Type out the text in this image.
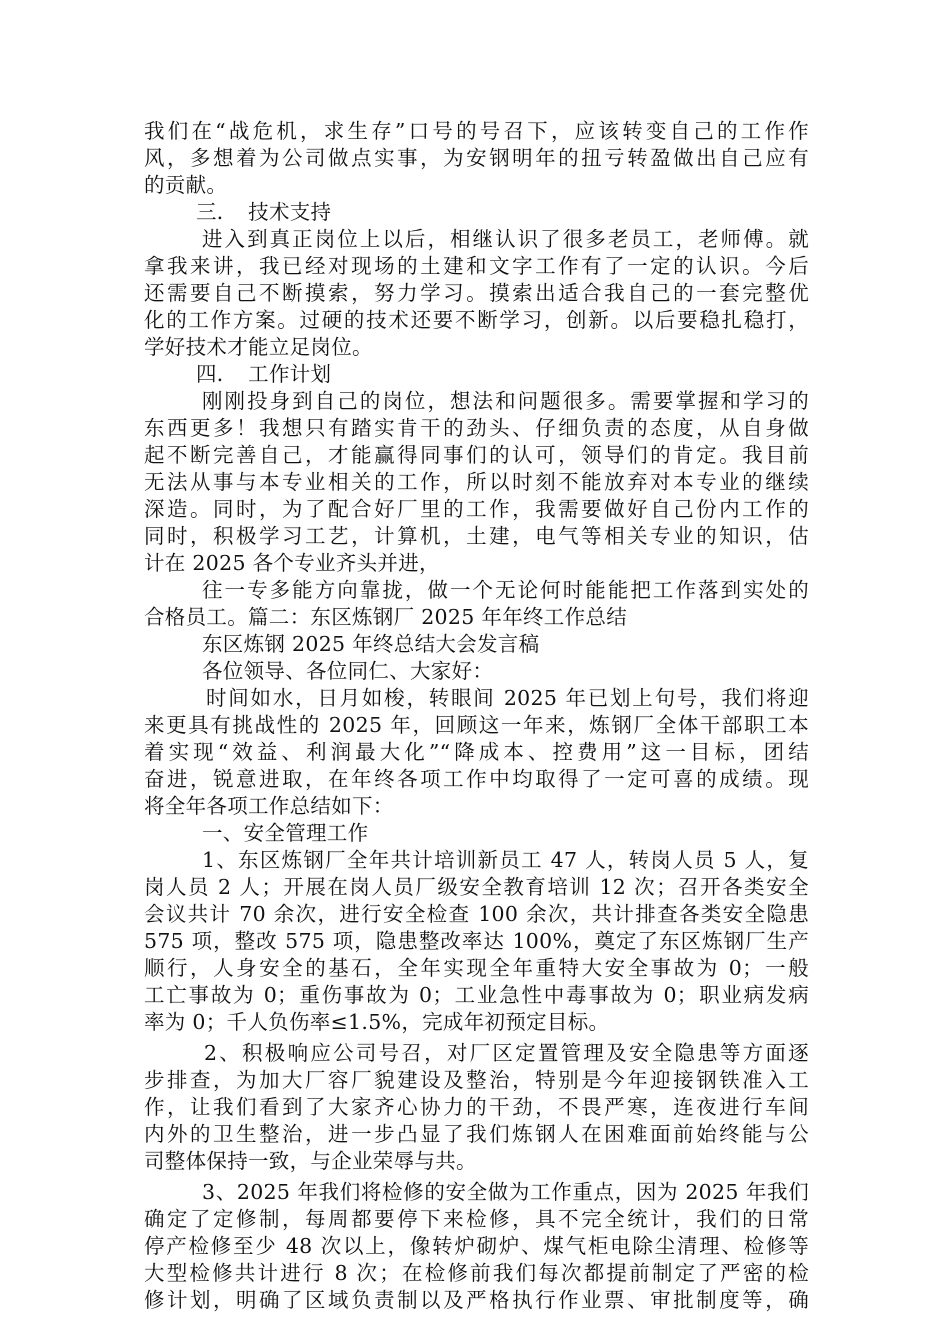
我们在“战危机，求生存”口号的号召下，应该转变自己的工作作
风，多想着为公司做点实事，为安钢明年的扭亏转盈做出自己应有
的贡献。
三．　技术支持
进入到真正岗位上以后，相继认识了很多老员工，老师傅。就
拿我来讲，我已经对现场的土建和文字工作有了一定的认识。今后
还需要自己不断摸索，努力学习。摸索出适合我自己的一套完整优
化的工作方案。过硬的技术还要不断学习，创新。以后要稳扎稳打，
学好技术才能立足岗位。
四．　工作计划
刚刚投身到自己的岗位，想法和问题很多。需要掌握和学习的
东西更多！我想只有踏实肯干的劲头、仔细负责的态度，从自身做
起不断完善自己，才能赢得同事们的认可，领导们的肯定。我目前
无法从事与本专业相关的工作，所以时刻不能放弃对本专业的继续
深造。同时，为了配合好厂里的工作，我需要做好自己份内工作的
同时，积极学习工艺，计算机，土建，电气等相关专业的知识，估
计在 2025 各个专业齐头并进，
往一专多能方向靠拢，做一个无论何时能能把工作落到实处的
合格员工。篇二：东区炼钢厂 2025 年年终工作总结
东区炼钢 2025 年终总结大会发言稿
各位领导、各位同仁、大家好：
时间如水，日月如梭，转眼间 2025 年已划上句号，我们将迎
来更具有挑战性的 2025 年，回顾这一年来，炼钢厂全体干部职工本
着实现“效益、利润最大化”“降成本、控费用”这一目标，团结
奋进，锐意进取，在年终各项工作中均取得了一定可喜的成绩。现
将全年各项工作总结如下：
一、安全管理工作
1、东区炼钢厂全年共计培训新员工 47 人，转岗人员 5 人，复
岗人员 2 人；开展在岗人员厂级安全教育培训 12 次；召开各类安全
会议共计 70 余次，进行安全检查 100 余次，共计排查各类安全隐患
575 项，整改 575 项，隐患整改率达 100%，奠定了东区炼钢厂生产
顺行，人身安全的基石，全年实现全年重特大安全事故为 0；一般
工亡事故为 0；重伤事故为 0；工业急性中毒事故为 0；职业病发病
率为 0；千人负伤率≤1.5%，完成年初预定目标。
2、积极响应公司号召，对厂区定置管理及安全隐患等方面逐
步排查，为加大厂容厂貌建设及整治，特别是今年迎接钢铁准入工
作，让我们看到了大家齐心协力的干劲，不畏严寒，连夜进行车间
内外的卫生整治，进一步凸显了我们炼钢人在困难面前始终能与公
司整体保持一致，与企业荣辱与共。
3、2025 年我们将检修的安全做为工作重点，因为 2025 年我们
确定了定修制，每周都要停下来检修，具不完全统计，我们的日常
停产检修至少 48 次以上，像转炉砌炉、煤气柜电除尘清理、检修等
大型检修共计进行 8 次；在检修前我们每次都提前制定了严密的检
修计划，明确了区域负责制以及严格执行作业票、审批制度等，确
